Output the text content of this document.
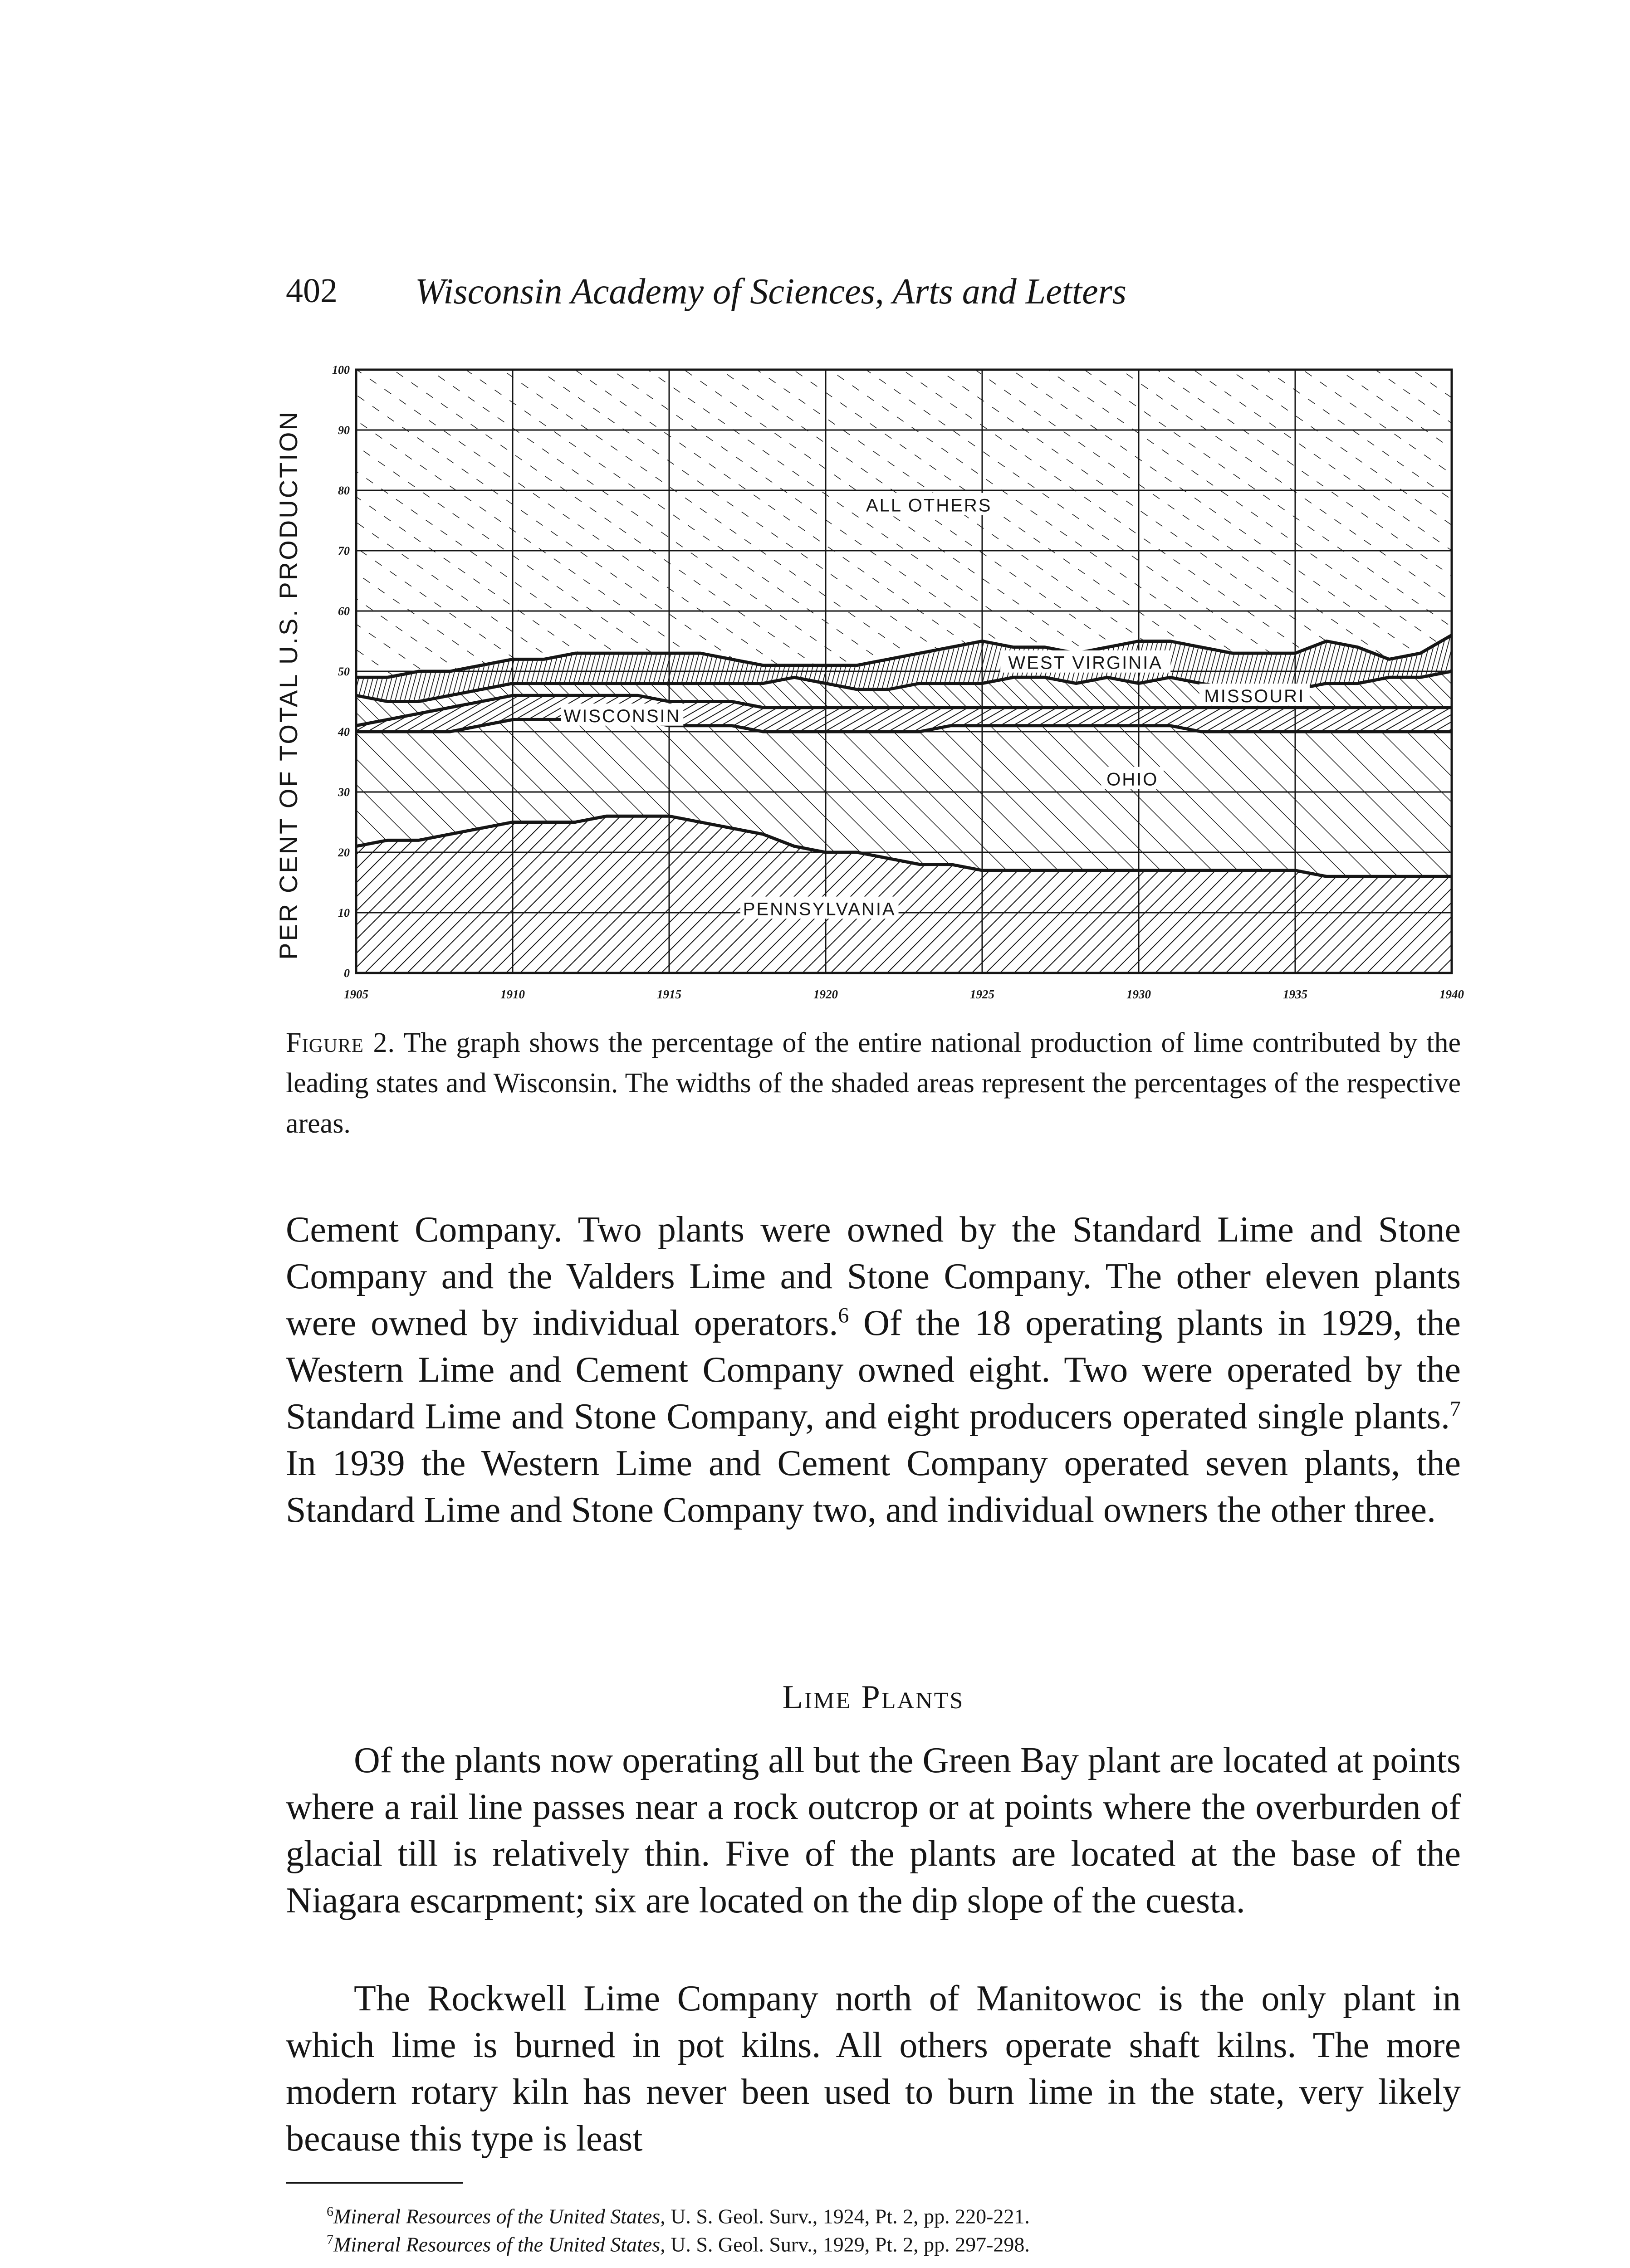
402 Wisconsin Academy of Sciences, Arts and Letters
0
10
20
30
40
50
60
70
80
90
100
1905	1910	1915	1920	1925	1930	1935	1940
PENNSYLVANIA
OHIO
WISCONSIN
MISSOURI
WEST VIRGINIA
ALL OTHERS
PER CENT OF TOTAL U.S. PRODUCTION
Figure 2. The graph shows the percentage of the entire national production of lime contributed by the leading states and Wisconsin. The widths of the shaded areas represent the percentages of the respective areas.
Cement Company. Two plants were owned by the Standard Lime and Stone Company and the Valders Lime and Stone Company. The other eleven plants were owned by individual operators.$^6$ Of the 18 operating plants in 1929, the Western Lime and Cement Company owned eight. Two were operated by the Standard Lime and Stone Company, and eight producers operated single plants.$^7$ In 1939 the Western Lime and Cement Company operated seven plants, the Standard Lime and Stone Company two, and individual owners the other three.
Lime Plants
Of the plants now operating all but the Green Bay plant are located at points where a rail line passes near a rock outcrop or at points where the overburden of glacial till is relatively thin. Five of the plants are located at the base of the Niagara escarpment; six are located on the dip slope of the cuesta.
The Rockwell Lime Company north of Manitowoc is the only plant in which lime is burned in pot kilns. All others operate shaft kilns. The more modern rotary kiln has never been used to burn lime in the state, very likely because this type is least
$^6$Mineral Resources of the United States, U. S. Geol. Surv., 1924, Pt. 2, pp. 220-221.
$^7$Mineral Resources of the United States, U. S. Geol. Surv., 1929, Pt. 2, pp. 297-298.
